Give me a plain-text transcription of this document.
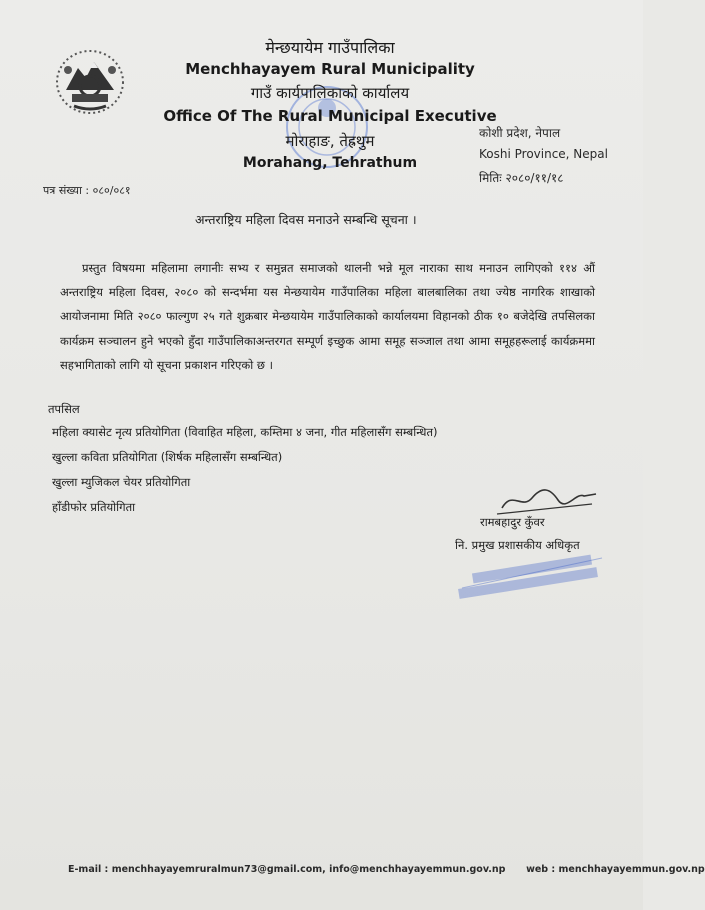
मेन्छयायेम गाउँपालिका
Menchhayayem Rural Municipality
गाउँ कार्यपालिकाको कार्यालय
Office Of The Rural Municipal Executive
मोराहाङ, तेह्रथुम
Morahang, Tehrathum
कोशी प्रदेश, नेपाल
Koshi Province, Nepal
मितिः २०८०/११/१८
पत्र संख्या : ०८०/०८१
अन्तराष्ट्रिय महिला दिवस मनाउने सम्बन्धि सूचना ।
प्रस्तुत विषयमा महिलामा लगानीः सभ्य र समुन्नत समाजको थालनी भन्ने मूल नाराका साथ मनाउन लागिएको ११४ औं अन्तराष्ट्रिय महिला दिवस, २०८० को सन्दर्भमा यस मेन्छयायेम गाउँपालिका महिला बालबालिका तथा ज्येष्ठ नागरिक शाखाको आयोजनामा मिति २०८० फाल्गुण २५ गते शुक्रबार मेन्छयायेम गाउँपालिकाको कार्यालयमा विहानको ठीक १० बजेदेखि तपसिलका कार्यक्रम सञ्चालन हुने भएको हुँदा गाउँपालिकाअन्तरगत सम्पूर्ण इच्छुक आमा समूह सञ्जाल तथा आमा समूहहरूलाई कार्यक्रममा सहभागिताको लागि यो सूचना प्रकाशन गरिएको छ ।
तपसिल
महिला क्यासेट नृत्य प्रतियोगिता (विवाहित महिला, कम्तिमा ४ जना, गीत महिलासँग सम्बन्धित)
खुल्ला कविता प्रतियोगिता (शिर्षक महिलासँग सम्बन्धित)
खुल्ला म्युजिकल चेयर प्रतियोगिता
हाँडीफोर प्रतियोगिता
रामबहादुर कुँवर
नि. प्रमुख प्रशासकीय अधिकृत
E-mail : menchhayayemruralmun73@gmail.com, info@menchhayayemmun.gov.np web : menchhayayemmun.gov.np
